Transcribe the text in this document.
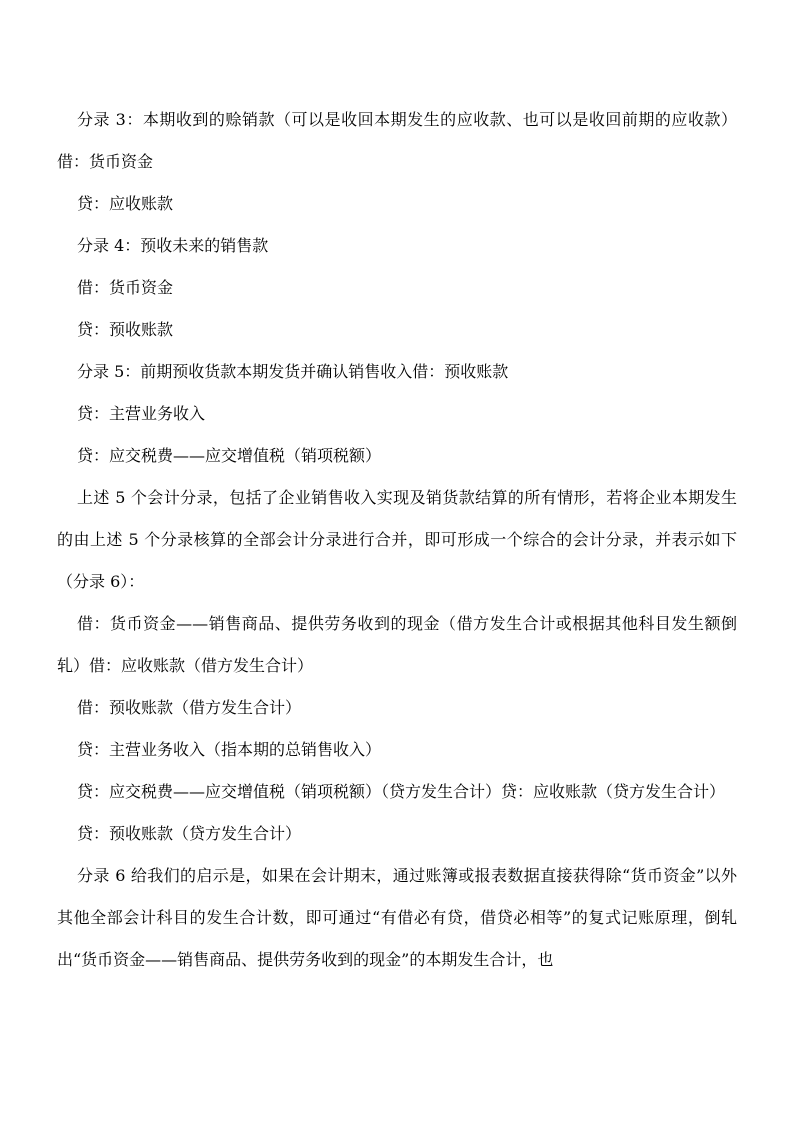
分录 3：本期收到的赊销款（可以是收回本期发生的应收款、也可以是收回前期的应收款）借：货币资金

贷：应收账款

分录 4：预收未来的销售款

借：货币资金

贷：预收账款

分录 5：前期预收货款本期发货并确认销售收入借：预收账款

贷：主营业务收入

贷：应交税费——应交增值税（销项税额）

上述 5 个会计分录，包括了企业销售收入实现及销货款结算的所有情形，若将企业本期发生的由上述 5 个分录核算的全部会计分录进行合并，即可形成一个综合的会计分录，并表示如下（分录 6）：

借：货币资金——销售商品、提供劳务收到的现金（借方发生合计或根据其他科目发生额倒轧）借：应收账款（借方发生合计）

借：预收账款（借方发生合计）

贷：主营业务收入（指本期的总销售收入）

贷：应交税费——应交增值税（销项税额）（贷方发生合计）贷：应收账款（贷方发生合计）

贷：预收账款（贷方发生合计）

分录 6 给我们的启示是，如果在会计期末，通过账簿或报表数据直接获得除“货币资金”以外其他全部会计科目的发生合计数，即可通过“有借必有贷，借贷必相等”的复式记账原理，倒轧出“货币资金——销售商品、提供劳务收到的现金”的本期发生合计，也
